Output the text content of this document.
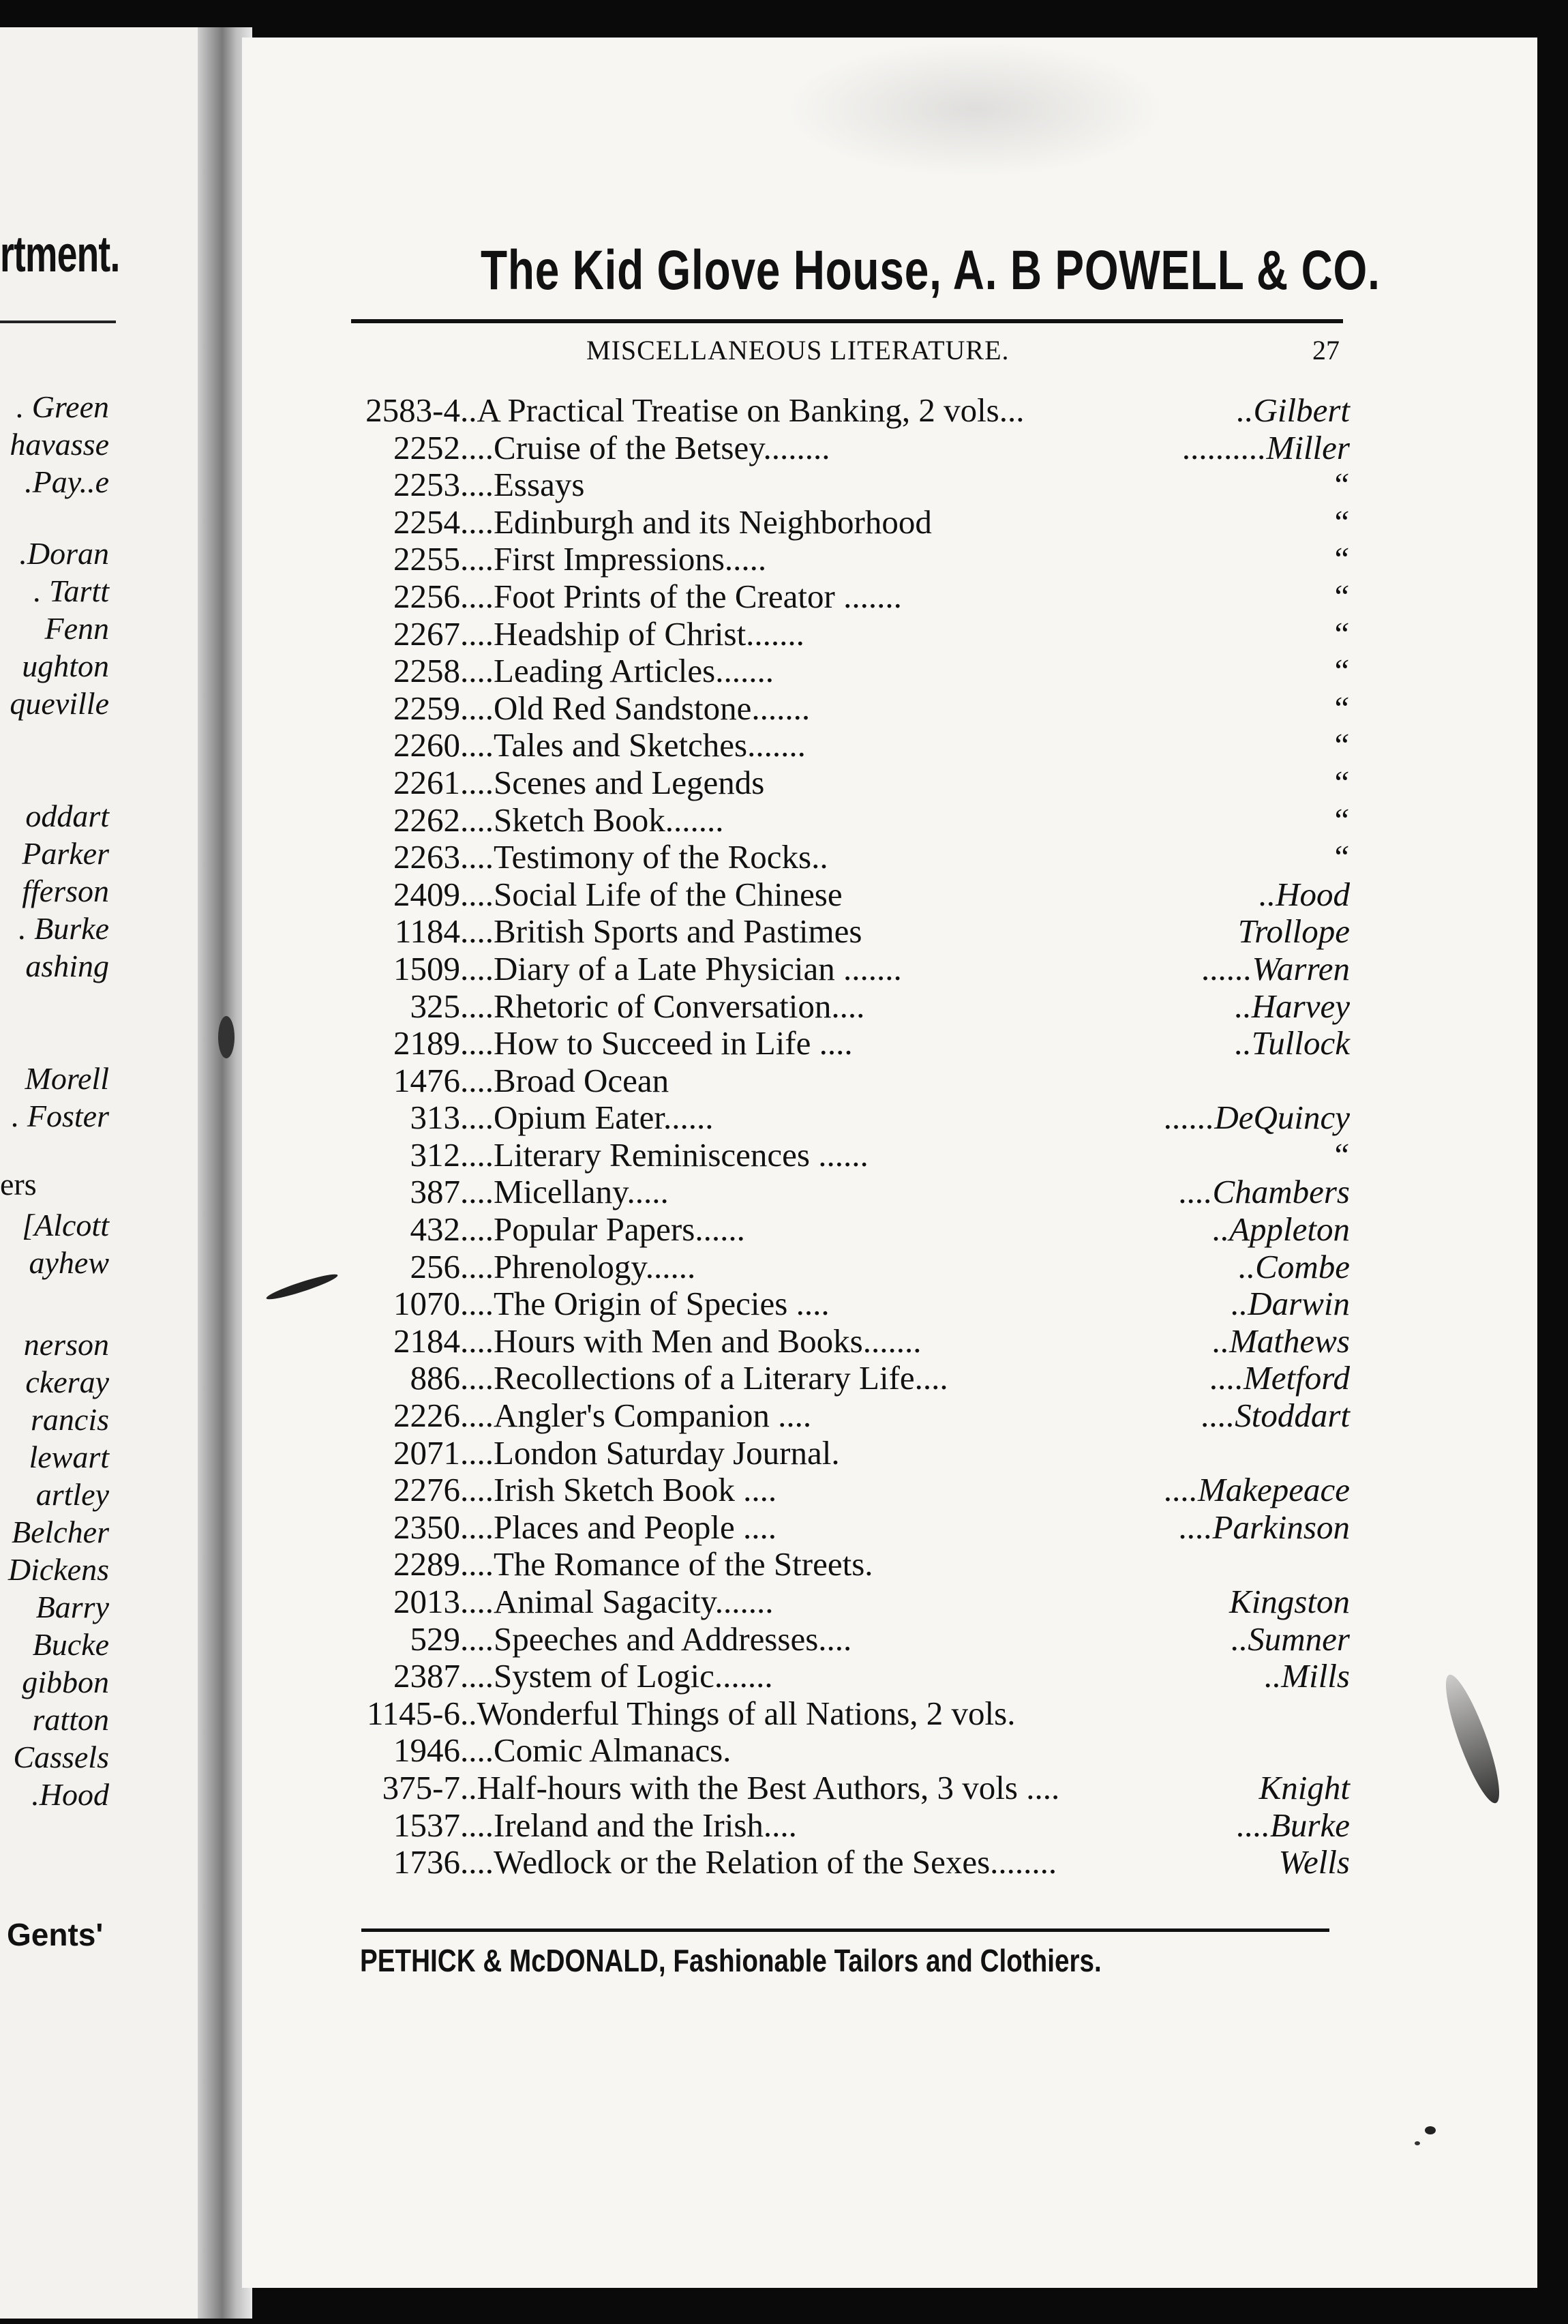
rtment.
. Green
havasse
.Pay..e
.Doran
. Tartt
Fenn
ughton
queville
oddart
Parker
fferson
. Burke
ashing
Morell
. Foster
ers
[Alcott
ayhew
nerson
ckeray
rancis
lewart
artley
Belcher
Dickens
Barry
Bucke
gibbon
ratton
Cassels
.Hood
Gents'
The Kid Glove House, A. B POWELL & CO.
MISCELLANEOUS LITERATURE.	27
2583-4 ..A Practical Treatise on Banking, 2 vols...	..Gilbert
2252 ....Cruise of the Betsey........	..........Miller
2253 ....Essays	“
2254 ....Edinburgh and its Neighborhood	“
2255 ....First Impressions.....	“
2256 ....Foot Prints of the Creator .......	“
2267 ....Headship of Christ.......	“
2258 ....Leading Articles.......	“
2259 ....Old Red Sandstone.......	“
2260 ....Tales and Sketches.......	“
2261 ....Scenes and Legends	“
2262 ....Sketch Book.......	“
2263 ....Testimony of the Rocks..	“
2409 ....Social Life of the Chinese	..Hood
1184 ....British Sports and Pastimes	Trollope
1509 ....Diary of a Late Physician .......	......Warren
325 ....Rhetoric of Conversation....	..Harvey
2189 ....How to Succeed in Life ....	..Tullock
1476 ....Broad Ocean
313 ....Opium Eater......	......DeQuincy
312 ....Literary Reminiscences ......	“
387 ....Micellany.....	....Chambers
432 ....Popular Papers......	..Appleton
256 ....Phrenology......	..Combe
1070 ....The Origin of Species ....	..Darwin
2184 ....Hours with Men and Books.......	..Mathews
886 ....Recollections of a Literary Life....	....Metford
2226 ....Angler's Companion ....	....Stoddart
2071 ....London Saturday Journal.
2276 ....Irish Sketch Book ....	....Makepeace
2350 ....Places and People ....	....Parkinson
2289 ....The Romance of the Streets.
2013 ....Animal Sagacity.......	Kingston
529 ....Speeches and Addresses....	..Sumner
2387 ....System of Logic.......	..Mills
1145-6 ..Wonderful Things of all Nations, 2 vols.
1946 ....Comic Almanacs.
375-7 ..Half-hours with the Best Authors, 3 vols ....	Knight
1537 ....Ireland and the Irish....	....Burke
1736 ....Wedlock or the Relation of the Sexes........	Wells
PETHICK & McDONALD, Fashionable Tailors and Clothiers.
